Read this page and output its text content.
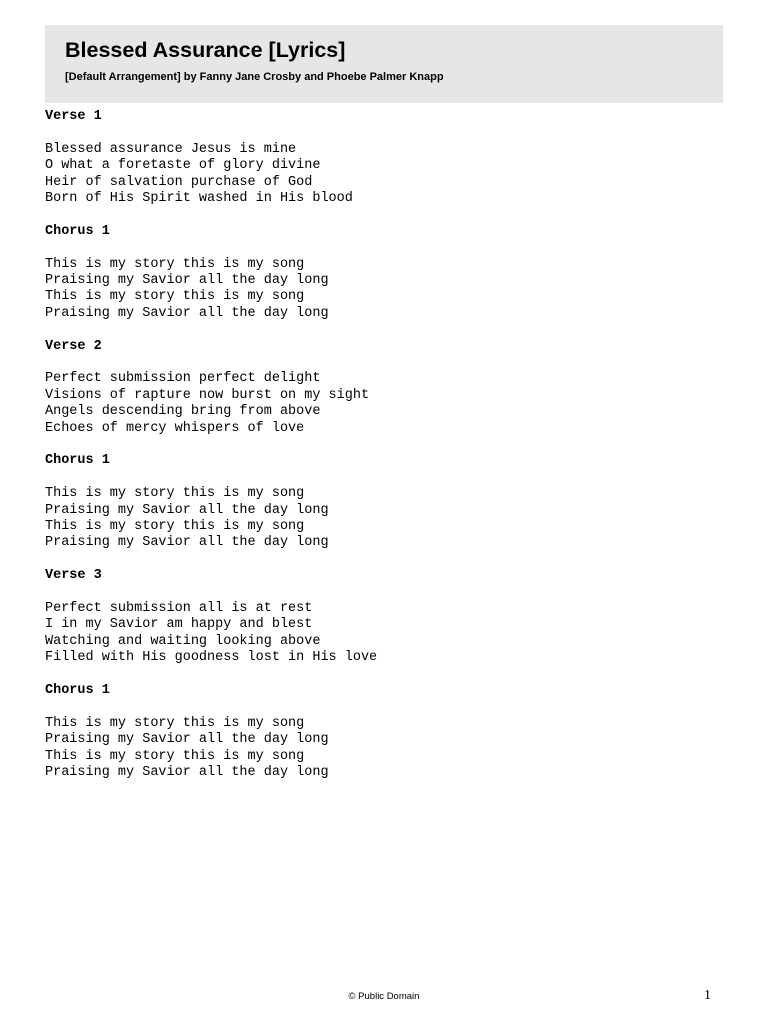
Blessed Assurance [Lyrics]
[Default Arrangement] by Fanny Jane Crosby and Phoebe Palmer Knapp
Verse 1
Blessed assurance Jesus is mine
O what a foretaste of glory divine
Heir of salvation purchase of God
Born of His Spirit washed in His blood
Chorus 1
This is my story this is my song
Praising my Savior all the day long
This is my story this is my song
Praising my Savior all the day long
Verse 2
Perfect submission perfect delight
Visions of rapture now burst on my sight
Angels descending bring from above
Echoes of mercy whispers of love
Chorus 1
This is my story this is my song
Praising my Savior all the day long
This is my story this is my song
Praising my Savior all the day long
Verse 3
Perfect submission all is at rest
I in my Savior am happy and blest
Watching and waiting looking above
Filled with His goodness lost in His love
Chorus 1
This is my story this is my song
Praising my Savior all the day long
This is my story this is my song
Praising my Savior all the day long
© Public Domain	1
